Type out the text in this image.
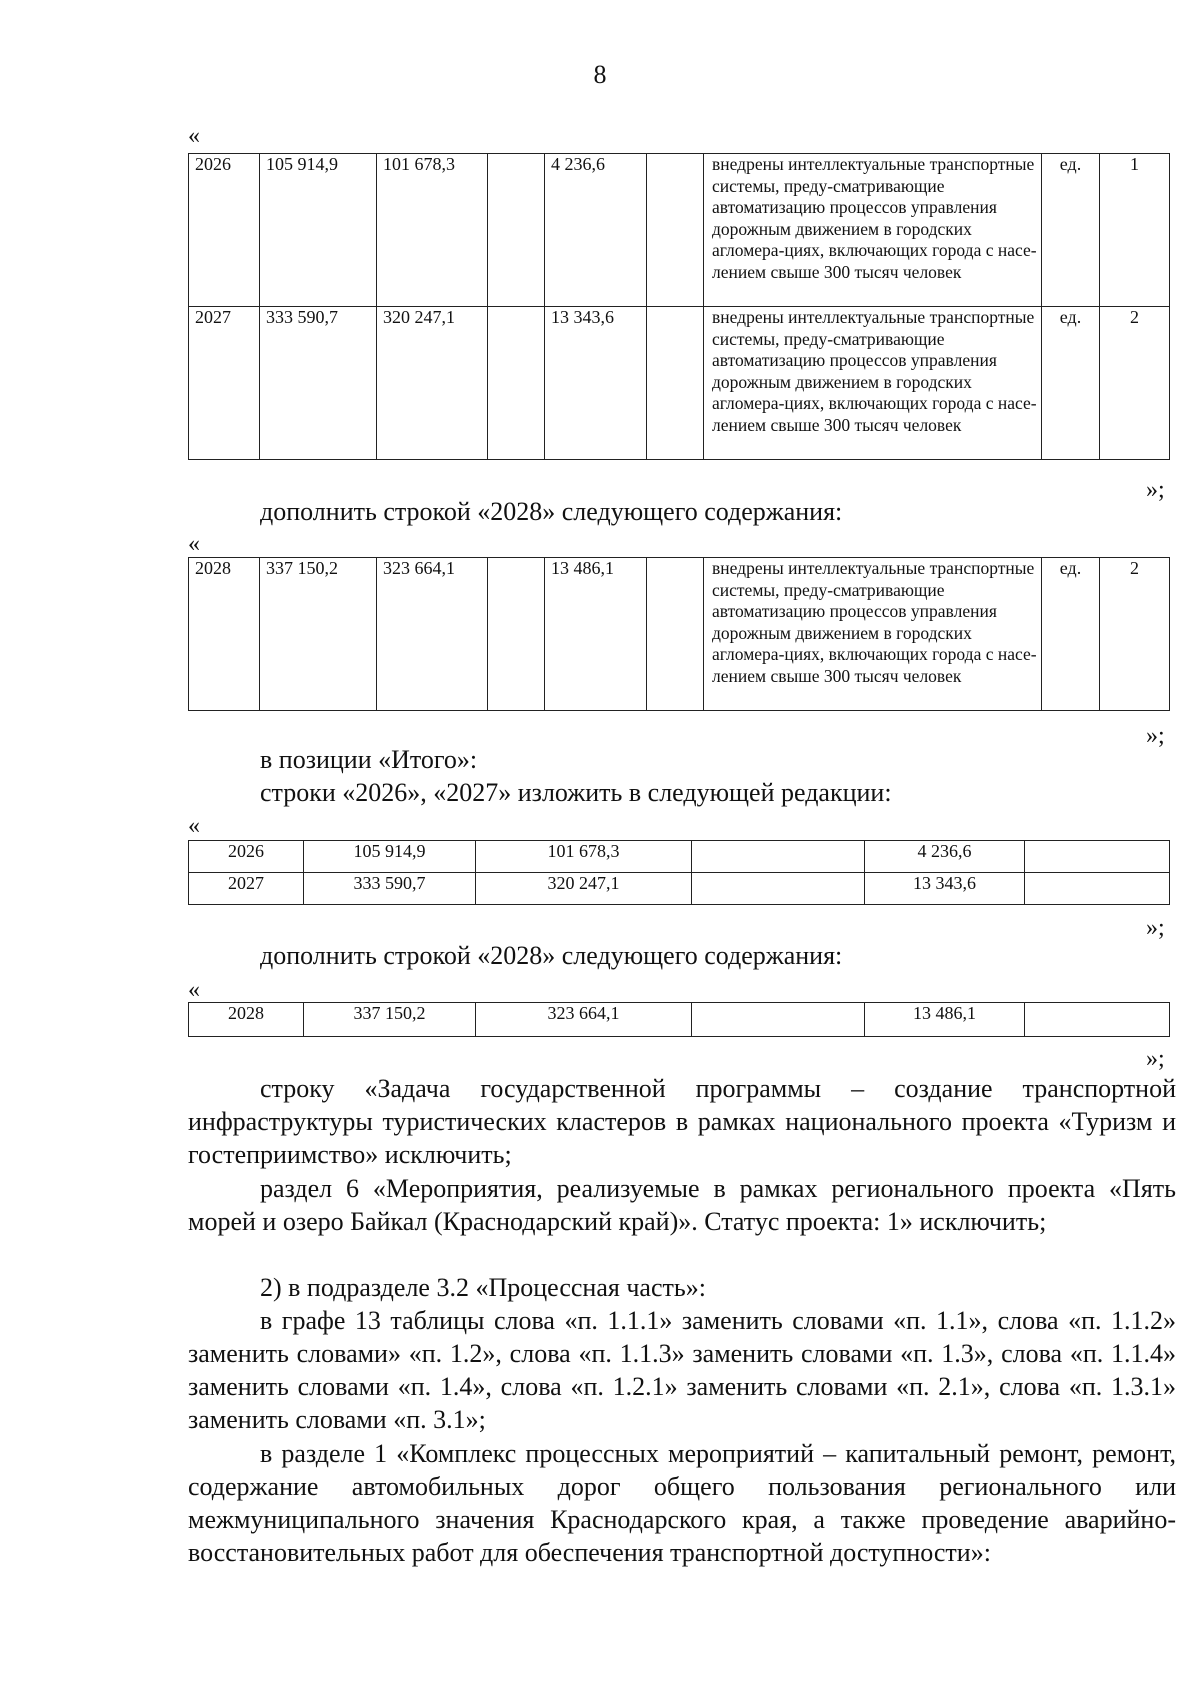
8
«
2026	105 914,9	101 678,3		4 236,6		внедрены интеллектуальные транспортные системы, преду-сматривающие автоматизацию процессов управления дорожным движением в городских агломера-циях, включающих города с насе-лением свыше 300 тысяч человек	ед.	1
2027	333 590,7	320 247,1		13 343,6		внедрены интеллектуальные транспортные системы, преду-сматривающие автоматизацию процессов управления дорожным движением в городских агломера-циях, включающих города с насе-лением свыше 300 тысяч человек	ед.	2
»;
дополнить строкой «2028» следующего содержания:
«
2028	337 150,2	323 664,1		13 486,1		внедрены интеллектуальные транспортные системы, преду-сматривающие автоматизацию процессов управления дорожным движением в городских агломера-циях, включающих города с насе-лением свыше 300 тысяч человек	ед.	2
»;
в позиции «Итого»:
строки «2026», «2027» изложить в следующей редакции:
«
2026	105 914,9	101 678,3		4 236,6	
2027	333 590,7	320 247,1		13 343,6	
»;
дополнить строкой «2028» следующего содержания:
«
2028	337 150,2	323 664,1		13 486,1	
»;
строку «Задача государственной программы – создание транспортной инфраструктуры туристических кластеров в рамках национального проекта «Туризм и гостеприимство» исключить;
раздел 6 «Мероприятия, реализуемые в рамках регионального проекта «Пять морей и озеро Байкал (Краснодарский край)». Статус проекта: 1» исключить;
2) в подразделе 3.2 «Процессная часть»:
в графе 13 таблицы слова «п. 1.1.1» заменить словами «п. 1.1», слова «п. 1.1.2» заменить словами» «п. 1.2», слова «п. 1.1.3» заменить словами «п. 1.3», слова «п. 1.1.4» заменить словами «п. 1.4», слова «п. 1.2.1» заменить словами «п. 2.1», слова «п. 1.3.1» заменить словами «п. 3.1»;
в разделе 1 «Комплекс процессных мероприятий – капитальный ремонт, ремонт, содержание автомобильных дорог общего пользования регионального или межмуниципального значения Краснодарского края, а также проведение аварийно-восстановительных работ для обеспечения транспортной доступности»:
